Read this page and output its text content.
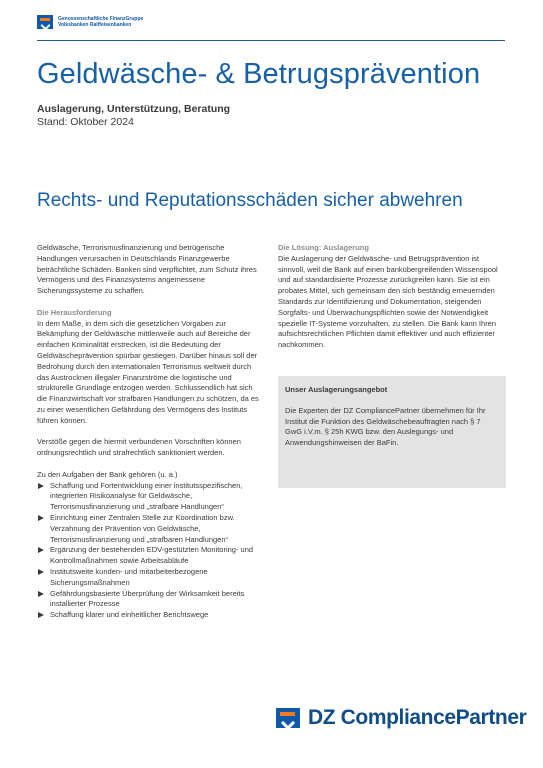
Genossenschaftliche FinanzGruppe
Volksbanken Raiffeisenbanken
Geldwäsche- & Betrugsprävention
Auslagerung, Unterstützung, Beratung
Stand: Oktober 2024
Rechts- und Reputationsschäden sicher abwehren

Geldwäsche, Terrorismusfinanzierung und betrügerische Handlungen verursachen in Deutschlands Finanzgewerbe beträchtliche Schäden. Banken sind verpflichtet, zum Schutz ihres Vermögens und des Finanzsystems angemessene Sicherungssysteme zu schaffen.

Die Herausforderung

In dem Maße, in dem sich die gesetzlichen Vorgaben zur Bekämpfung der Geldwäsche mittlerweile auch auf Bereiche der einfachen Kriminalität erstrecken, ist die Bedeutung der Geldwäscheprävention spürbar gestiegen. Darüber hinaus soll der Bedrohung durch den internationalen Terrorismus weltweit durch das Austrocknen illegaler Finanzströme die logistische und strukturelle Grundlage entzogen werden. Schlussendlich hat sich die Finanzwirtschaft vor strafbaren Handlungen zu schützen, da es zu einer wesentlichen Gefährdung des Vermögens des Instituts führen können.

Verstöße gegen die hiermit verbundenen Vorschriften können ordnungsrechtlich und strafrechtlich sanktioniert werden.

Zu den Aufgaben der Bank gehören (u. a.)

Schaffung und Fortentwicklung einer institutsspezifischen, integrierten Risikoanalyse für Geldwäsche, Terrorismusfinanzierung und „strafbare Handlungen“
Einrichtung einer Zentralen Stelle zur Koordination bzw. Verzahnung der Prävention von Geldwäsche, Terrorismusfinanzierung und „strafbaren Handlungen“
Ergänzung der bestehenden EDV-gestützten Monitoring- und Kontrollmaßnahmen sowie Arbeitsabläufe
Institutsweite kunden- und mitarbeiterbezogene Sicherungsmaßnahmen
Gefährdungsbasierte Überprüfung der Wirksamkeit bereits installierter Prozesse
Schaffung klarer und einheitlicher Berichtswege

Die Lösung: Auslagerung

Die Auslagerung der Geldwäsche- und Betrugsprävention ist sinnvoll, weil die Bank auf einen bankübergreifenden Wissenspool und auf standardisierte Prozesse zurückgreifen kann. Sie ist ein probates Mittel, sich gemeinsam den sich beständig erneuernden Standards zur Identifizierung und Dokumentation, steigenden Sorgfalts- und Überwachungspflichten sowie der Notwendigkeit spezielle IT-Systeme vorzuhalten, zu stellen. Die Bank kann Ihren aufsichtsrechtlichen Pflichten damit effektiver und auch effizienter nachkommen.

Unser Auslagerungsangebot

Die Experten der DZ CompliancePartner übernehmen für Ihr Institut die Funktion des Geldwäschebeauftragten nach § 7 GwG i.V.m. § 25h KWG bzw. den Auslegungs- und Anwendungshinweisen der BaFin.

DZ CompliancePartner
